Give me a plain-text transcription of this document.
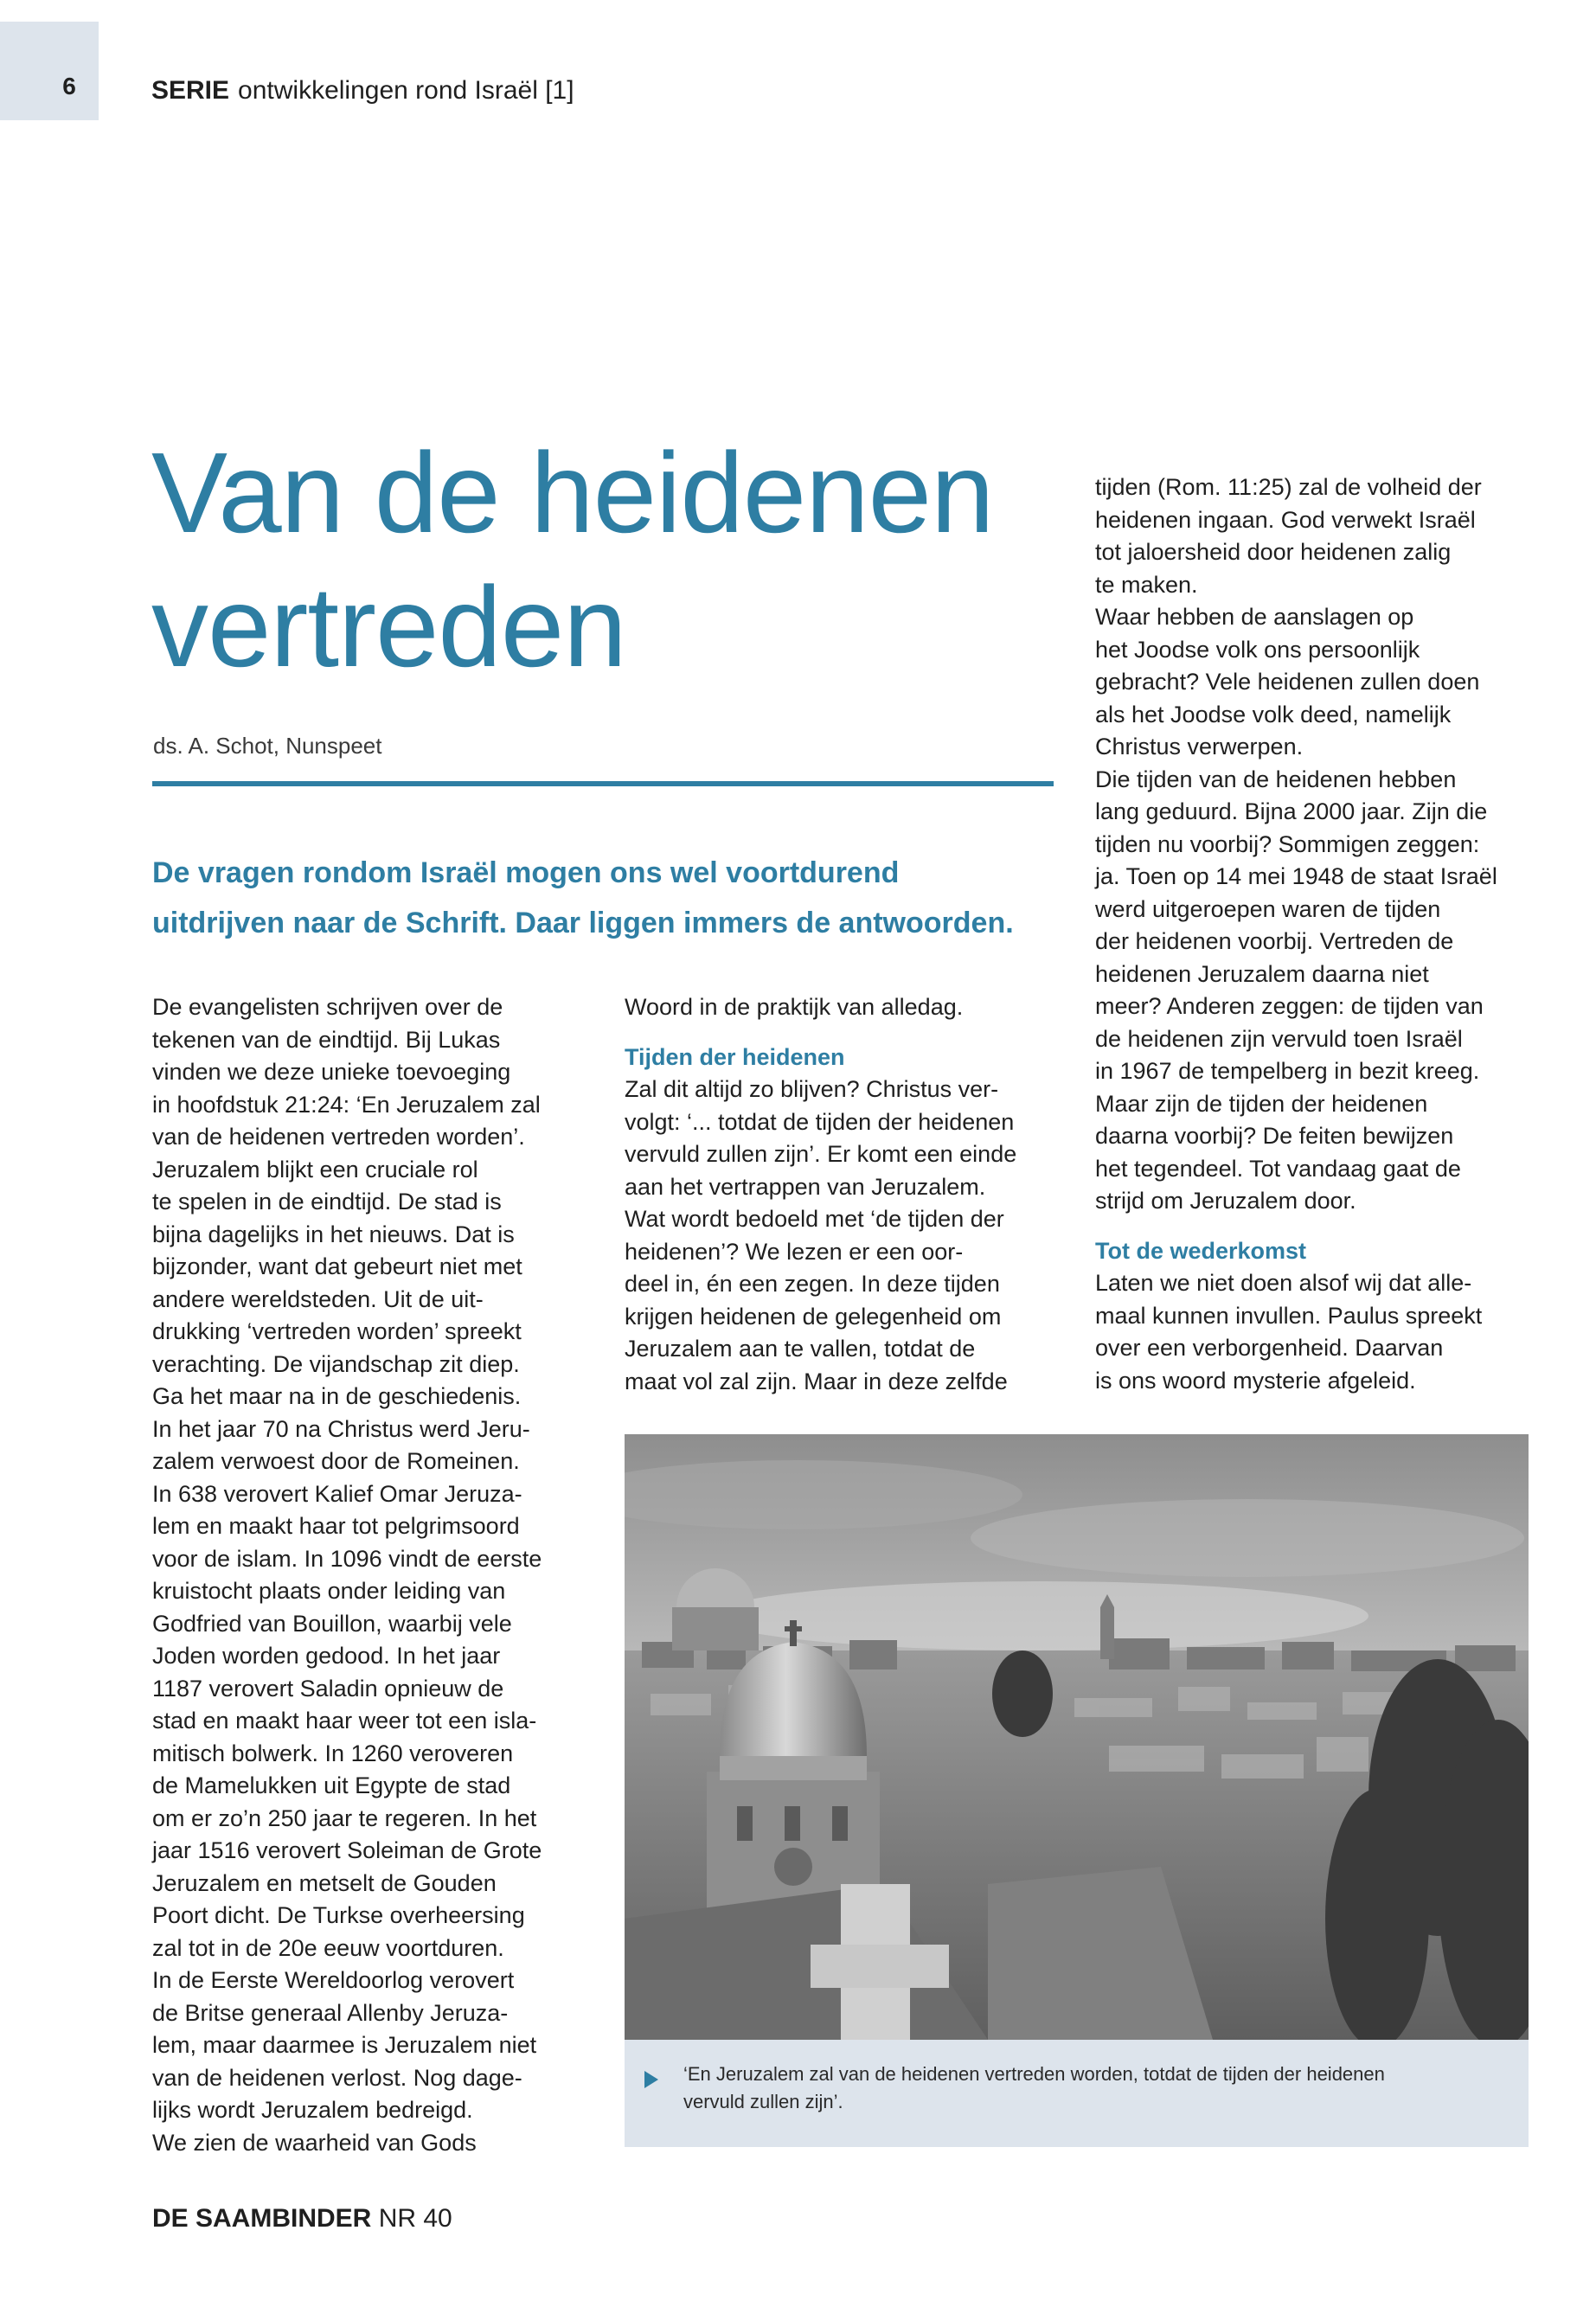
6	SERIE ontwikkelingen rond Israël [1]
Van de heidenen
vertreden
ds. A. Schot, Nunspeet
De vragen rondom Israël mogen ons wel voortdurend
uitdrijven naar de Schrift. Daar liggen immers de antwoorden.

De evangelisten schrijven over de
tekenen van de eindtijd. Bij Lukas
vinden we deze unieke toevoeging
in hoofdstuk 21:24: ‘En Jeruzalem zal
van de heidenen vertreden worden’.
Jeruzalem blijkt een cruciale rol
te spelen in de eindtijd. De stad is
bijna dagelijks in het nieuws. Dat is
bijzonder, want dat gebeurt niet met
andere wereldsteden. Uit de uit-
drukking ‘vertreden worden’ spreekt
verachting. De vijandschap zit diep.
Ga het maar na in de geschiedenis.
In het jaar 70 na Christus werd Jeru-
zalem verwoest door de Romeinen.
In 638 verovert Kalief Omar Jeruza-
lem en maakt haar tot pelgrimsoord
voor de islam. In 1096 vindt de eerste
kruistocht plaats onder leiding van
Godfried van Bouillon, waarbij vele
Joden worden gedood. In het jaar
1187 verovert Saladin opnieuw de
stad en maakt haar weer tot een isla-
mitisch bolwerk. In 1260 veroveren
de Mamelukken uit Egypte de stad
om er zo’n 250 jaar te regeren. In het
jaar 1516 verovert Soleiman de Grote
Jeruzalem en metselt de Gouden
Poort dicht. De Turkse overheersing
zal tot in de 20e eeuw voortduren.
In de Eerste Wereldoorlog verovert
de Britse generaal Allenby Jeruza-
lem, maar daarmee is Jeruzalem niet
van de heidenen verlost. Nog dage-
lijks wordt Jeruzalem bedreigd.
We zien de waarheid van Gods

Woord in de praktijk van alledag.

Tijden der heidenen

Zal dit altijd zo blijven? Christus ver-
volgt: ‘... totdat de tijden der heidenen
vervuld zullen zijn’. Er komt een einde
aan het vertrappen van Jeruzalem.
Wat wordt bedoeld met ‘de tijden der
heidenen’? We lezen er een oor-
deel in, én een zegen. In deze tijden
krijgen heidenen de gelegenheid om
Jeruzalem aan te vallen, totdat de
maat vol zal zijn. Maar in deze zelfde

tijden (Rom. 11:25) zal de volheid der
heidenen ingaan. God verwekt Israël
tot jaloersheid door heidenen zalig
te maken.
Waar hebben de aanslagen op
het Joodse volk ons persoonlijk
gebracht? Vele heidenen zullen doen
als het Joodse volk deed, namelijk
Christus verwerpen.
Die tijden van de heidenen hebben
lang geduurd. Bijna 2000 jaar. Zijn die
tijden nu voorbij? Sommigen zeggen:
ja. Toen op 14 mei 1948 de staat Israël
werd uitgeroepen waren de tijden
der heidenen voorbij. Vertreden de
heidenen Jeruzalem daarna niet
meer? Anderen zeggen: de tijden van
de heidenen zijn vervuld toen Israël
in 1967 de tempelberg in bezit kreeg.
Maar zijn de tijden der heidenen
daarna voorbij? De feiten bewijzen
het tegendeel. Tot vandaag gaat de
strijd om Jeruzalem door.

Tot de wederkomst

Laten we niet doen alsof wij dat alle-
maal kunnen invullen. Paulus spreekt
over een verborgenheid. Daarvan
is ons woord mysterie afgeleid.

‘En Jeruzalem zal van de heidenen vertreden worden, totdat de tijden der heidenen
vervuld zullen zijn’.
DE SAAMBINDER NR 40
